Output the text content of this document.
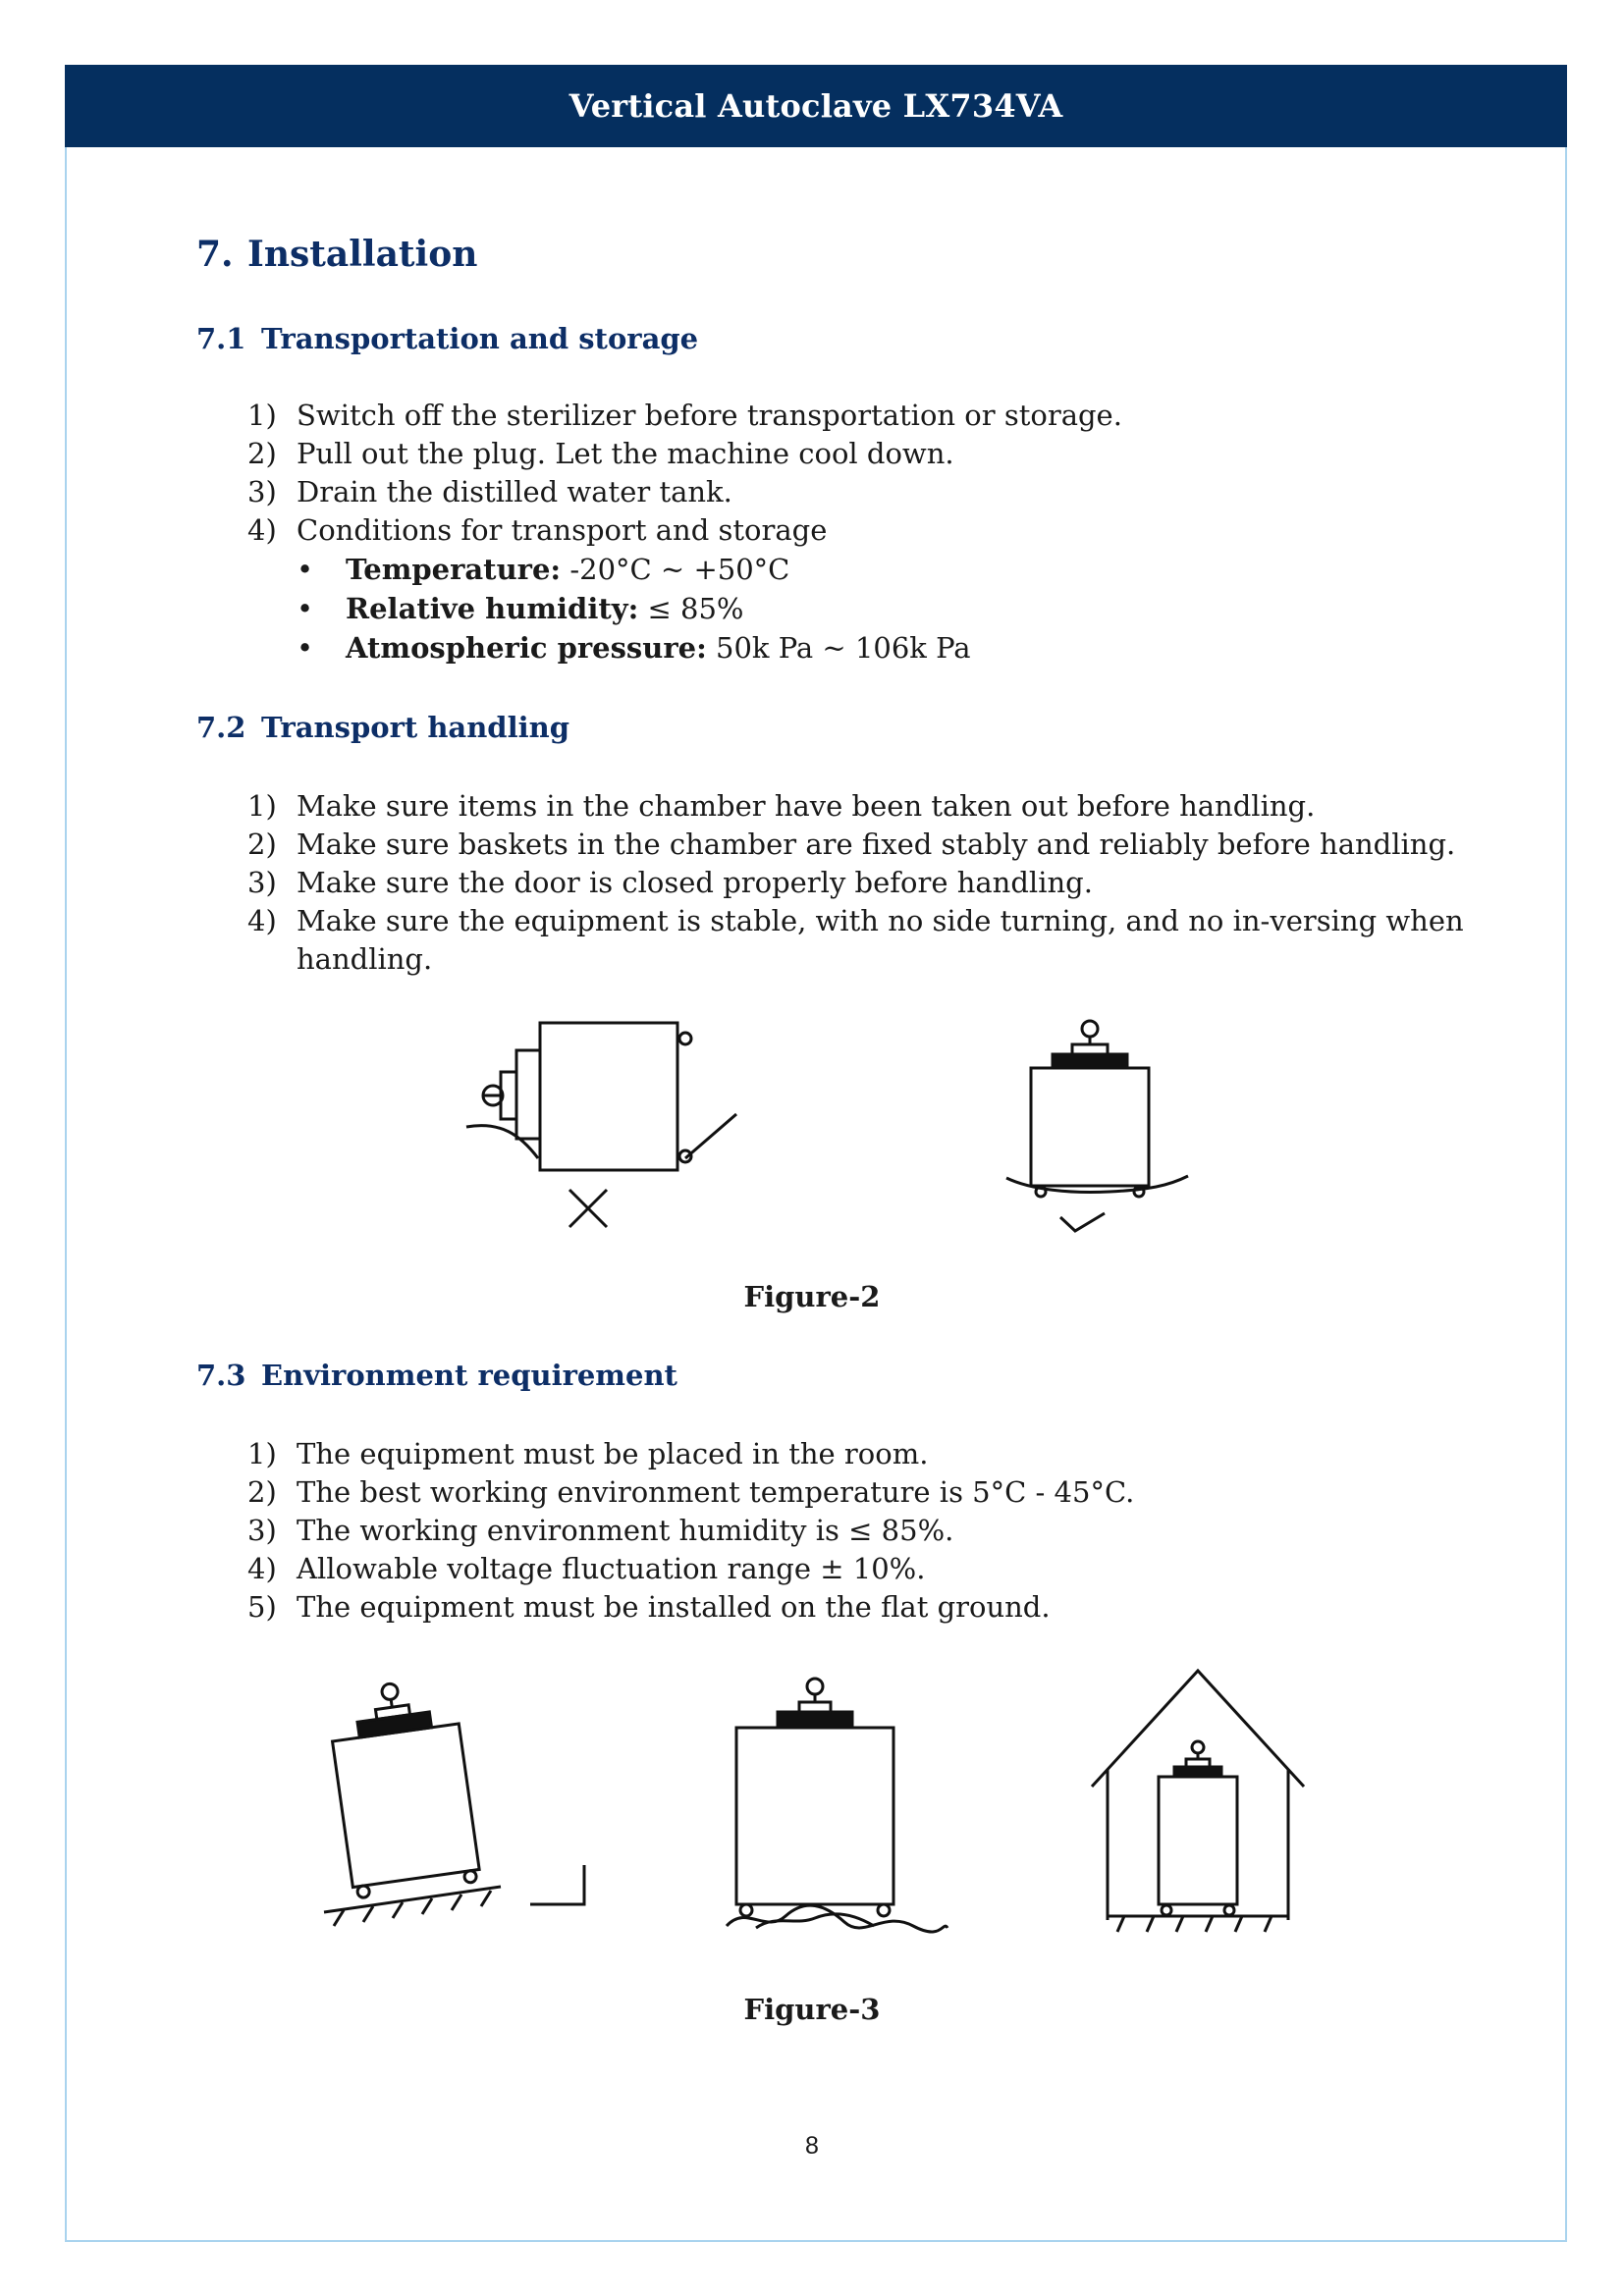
Vertical Autoclave LX734VA
7. Installation
7.1 Transportation and storage
1) Switch off the sterilizer before transportation or storage.
2) Pull out the plug. Let the machine cool down.
3) Drain the distilled water tank.
4) Conditions for transport and storage
• Temperature: -20°C ~ +50°C
• Relative humidity: ≤ 85%
• Atmospheric pressure: 50k Pa ~ 106k Pa
7.2 Transport handling
1) Make sure items in the chamber have been taken out before handling.
2) Make sure baskets in the chamber are fixed stably and reliably before handling.
3) Make sure the door is closed properly before handling.
4) Make sure the equipment is stable, with no side turning, and no in-versing when handling.
Figure-2
7.3 Environment requirement
1) The equipment must be placed in the room.
2) The best working environment temperature is 5°C - 45°C.
3) The working environment humidity is ≤ 85%.
4) Allowable voltage fluctuation range ± 10%.
5) The equipment must be installed on the flat ground.
Figure-3
8
